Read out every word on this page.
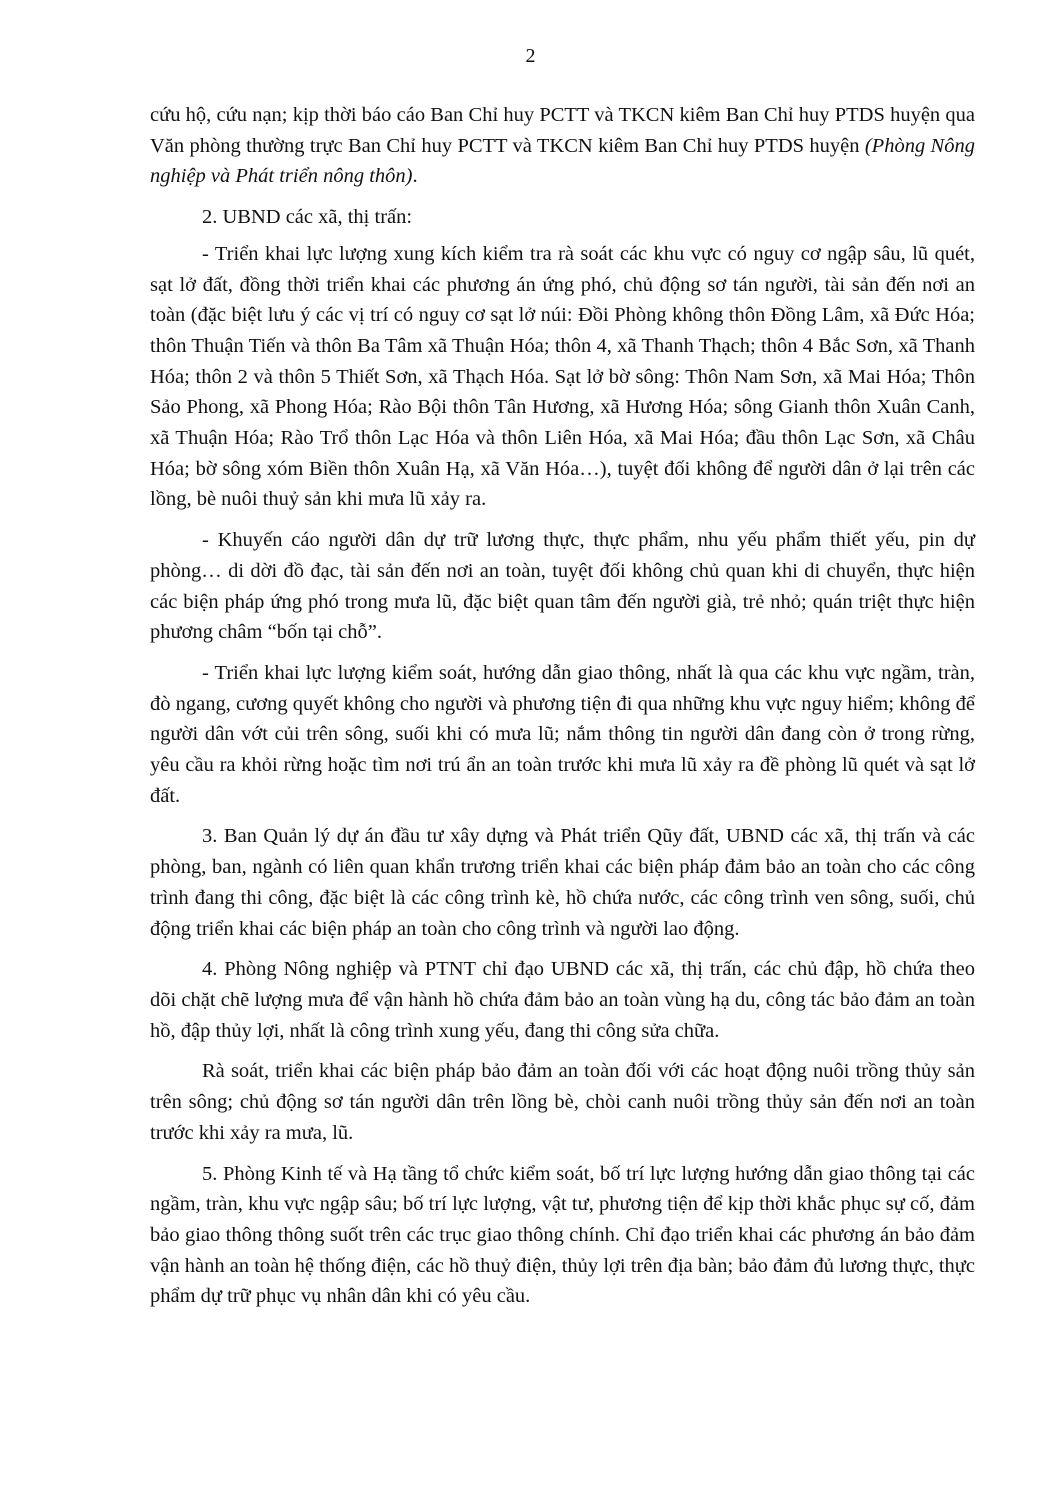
2

cứu hộ, cứu nạn; kịp thời báo cáo Ban Chỉ huy PCTT và TKCN kiêm Ban Chỉ huy PTDS huyện qua Văn phòng thường trực Ban Chỉ huy PCTT và TKCN kiêm Ban Chỉ huy PTDS huyện (Phòng Nông nghiệp và Phát triển nông thôn).

2. UBND các xã, thị trấn:

- Triển khai lực lượng xung kích kiểm tra rà soát các khu vực có nguy cơ ngập sâu, lũ quét, sạt lở đất, đồng thời triển khai các phương án ứng phó, chủ động sơ tán người, tài sản đến nơi an toàn (đặc biệt lưu ý các vị trí có nguy cơ sạt lở núi: Đồi Phòng không thôn Đồng Lâm, xã Đức Hóa; thôn Thuận Tiến và thôn Ba Tâm xã Thuận Hóa; thôn 4, xã Thanh Thạch; thôn 4 Bắc Sơn, xã Thanh Hóa; thôn 2 và thôn 5 Thiết Sơn, xã Thạch Hóa. Sạt lở bờ sông: Thôn Nam Sơn, xã Mai Hóa; Thôn Sảo Phong, xã Phong Hóa; Rào Bội thôn Tân Hương, xã Hương Hóa; sông Gianh thôn Xuân Canh, xã Thuận Hóa; Rào Trổ thôn Lạc Hóa và thôn Liên Hóa, xã Mai Hóa; đầu thôn Lạc Sơn, xã Châu Hóa; bờ sông xóm Biền thôn Xuân Hạ, xã Văn Hóa…), tuyệt đối không để người dân ở lại trên các lồng, bè nuôi thuỷ sản khi mưa lũ xảy ra.

- Khuyến cáo người dân dự trữ lương thực, thực phẩm, nhu yếu phẩm thiết yếu, pin dự phòng… di dời đồ đạc, tài sản đến nơi an toàn, tuyệt đối không chủ quan khi di chuyển, thực hiện các biện pháp ứng phó trong mưa lũ, đặc biệt quan tâm đến người già, trẻ nhỏ; quán triệt thực hiện phương châm “bốn tại chỗ”.

- Triển khai lực lượng kiểm soát, hướng dẫn giao thông, nhất là qua các khu vực ngầm, tràn, đò ngang, cương quyết không cho người và phương tiện đi qua những khu vực nguy hiểm; không để người dân vớt củi trên sông, suối khi có mưa lũ; nắm thông tin người dân đang còn ở trong rừng, yêu cầu ra khỏi rừng hoặc tìm nơi trú ẩn an toàn trước khi mưa lũ xảy ra đề phòng lũ quét và sạt lở đất.

3. Ban Quản lý dự án đầu tư xây dựng và Phát triển Qũy đất, UBND các xã, thị trấn và các phòng, ban, ngành có liên quan khẩn trương triển khai các biện pháp đảm bảo an toàn cho các công trình đang thi công, đặc biệt là các công trình kè, hồ chứa nước, các công trình ven sông, suối, chủ động triển khai các biện pháp an toàn cho công trình và người lao động.

4. Phòng Nông nghiệp và PTNT chỉ đạo UBND các xã, thị trấn, các chủ đập, hồ chứa theo dõi chặt chẽ lượng mưa để vận hành hồ chứa đảm bảo an toàn vùng hạ du, công tác bảo đảm an toàn hồ, đập thủy lợi, nhất là công trình xung yếu, đang thi công sửa chữa.

Rà soát, triển khai các biện pháp bảo đảm an toàn đối với các hoạt động nuôi trồng thủy sản trên sông; chủ động sơ tán người dân trên lồng bè, chòi canh nuôi trồng thủy sản đến nơi an toàn trước khi xảy ra mưa, lũ.

5. Phòng Kinh tế và Hạ tầng tổ chức kiểm soát, bố trí lực lượng hướng dẫn giao thông tại các ngầm, tràn, khu vực ngập sâu; bố trí lực lượng, vật tư, phương tiện để kịp thời khắc phục sự cố, đảm bảo giao thông thông suốt trên các trục giao thông chính. Chỉ đạo triển khai các phương án bảo đảm vận hành an toàn hệ thống điện, các hồ thuỷ điện, thủy lợi trên địa bàn; bảo đảm đủ lương thực, thực phẩm dự trữ phục vụ nhân dân khi có yêu cầu.
